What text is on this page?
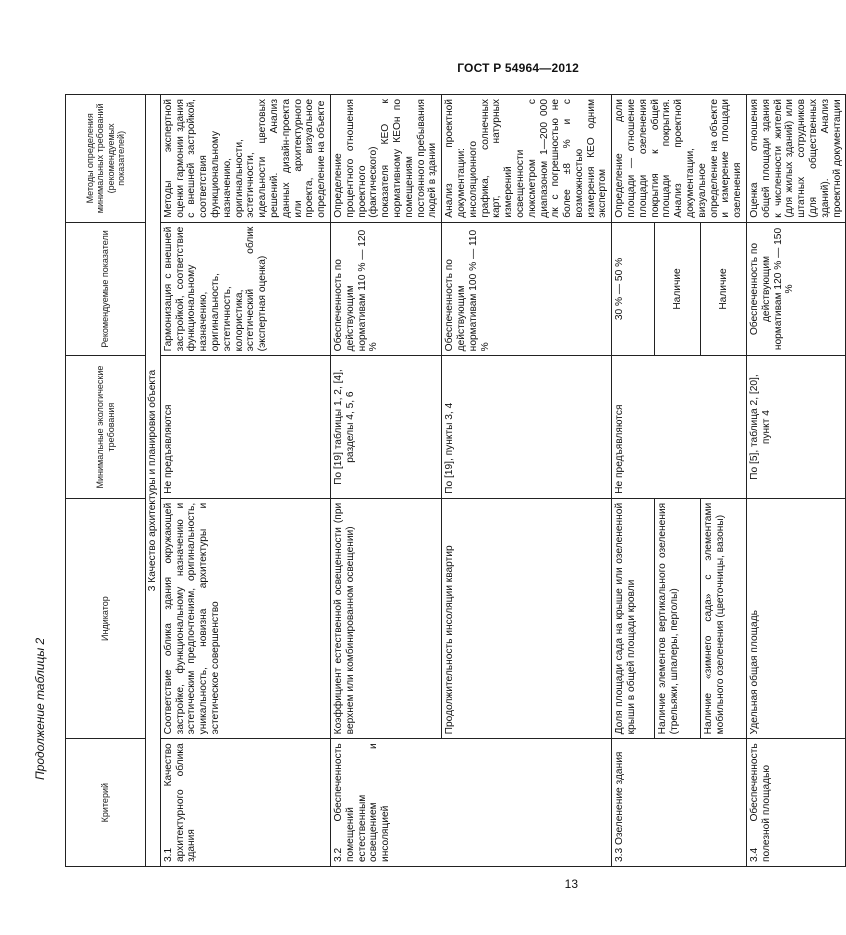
ГОСТ Р 54964—2012
Продолжение таблицы 2
13
Критерий	Индикатор	Минимальные экологические требования	Рекомендуемые показатели	Методы определения минимальных требований (рекомендуемых показателей)
3 Качество архитектуры и планировки объекта				
3.1 Качество архитектурного облика здания	Соответствие облика здания окружающей застройке, функциональному назначению и эстетическим предпочтениям, оригинальность, уникальность, новизна архитектуры и эстетическое совершенство	Не предъявляются	Гармонизация с внешней застройкой, соответствие функциональному назначению, оригинальность, эстетичность, колористика, эстетический облик (экспертная оценка)	Методы экспертной оценки гармонии здания с внешней застройкой, соответствия функциональному назначению, оригинальности, эстетичности, идеальности цветовых решений. Анализ данных дизайн-проекта или архитектурного проекта, визуальное определение на объекте
3.2 Обеспеченность помещений естественным освещением и инсоляцией	Коэффициент естественной освещенности (при верхнем или комбинированном освещении)	По [19] таблицы 1, 2, [4], разделы 4, 5, 6	Обеспеченность по действующим нормативам 110 % — 120 %	Определение процентного отношения проектного (фактического) показателя КЕО к нормативному КЕОн по помещениям постоянного пребывания людей в здании
	Продолжительность инсоляции квартир	По [19], пункты 3, 4	Обеспеченность по действующим нормативам 100 % — 110 %	Анализ проектной документации: инсоляционного графика, солнечных карт, натурных измерений освещенности люксметром с диапазоном 1—200 000 лк с погрешностью не более ±8 % и с возможностью измерения КЕО одним экспертом
3.3 Озеленение здания	Доля площади сада на крыше или озелененной крыши в общей площади кровли	Не предъявляются	30 % — 50 %	Определение доли площади — отношение площади озеленения покрытия к общей площади покрытия. Анализ проектной документации, визуальное определение на объекте и измерение площади озеленения
	Наличие элементов вертикального озеленения (трельяжи, шпалеры, перголы)		Наличие	
	Наличие «зимнего сада» с элементами мобильного озеленения (цветочницы, вазоны)		Наличие	
3.4 Обеспеченность полезной площадью	Удельная общая площадь	По [5], таблица 2, [20], пункт 4	Обеспеченность по действующим нормативам 120 % — 150 %	Оценка отношения общей площади здания к численности жителей (для жилых зданий) или штатных сотрудников (для общественных зданий). Анализ проектной документации
